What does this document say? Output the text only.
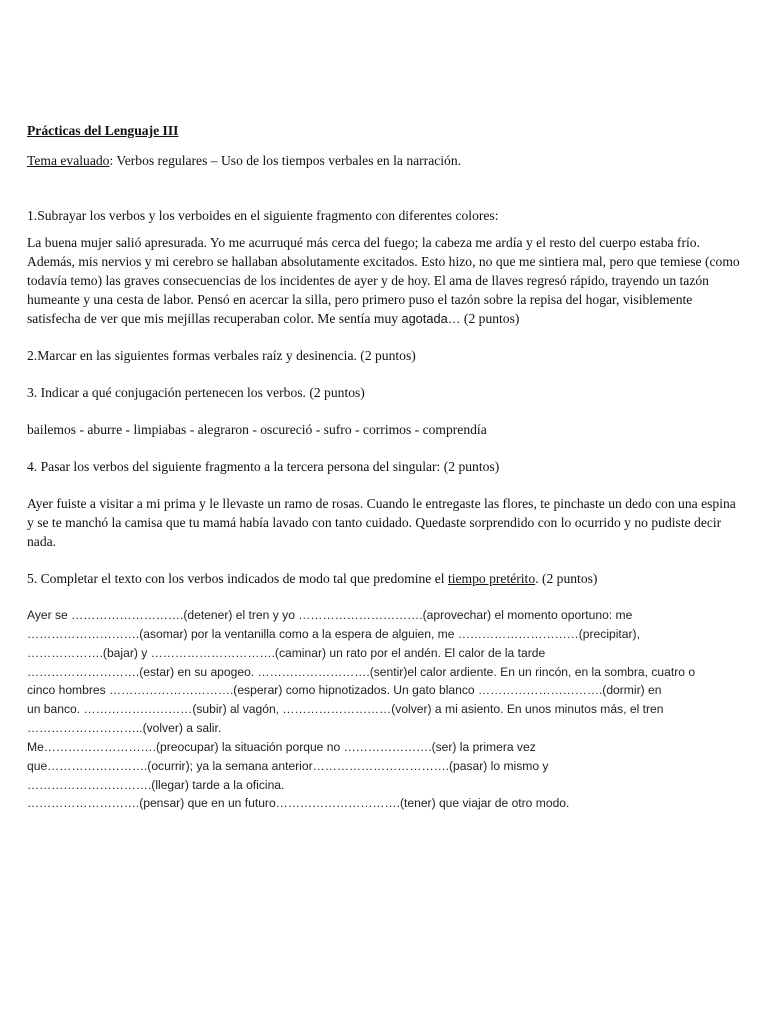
Prácticas del Lenguaje III

Tema evaluado: Verbos regulares – Uso de los tiempos verbales en la narración.

1.Subrayar los verbos y los verboides en el siguiente fragmento con diferentes colores:

La buena mujer salió apresurada. Yo me acurruqué más cerca del fuego; la cabeza me ardía y el resto del cuerpo estaba frío. Además, mis nervios y mi cerebro se hallaban absolutamente excitados. Esto hizo, no que me sintiera mal, pero que temiese (como todavía temo) las graves consecuencias de los incidentes de ayer y de hoy. El ama de llaves regresó rápido, trayendo un tazón humeante y una cesta de labor. Pensó en acercar la silla, pero primero puso el tazón sobre la repisa del hogar, visiblemente satisfecha de ver que mis mejillas recuperaban color. Me sentía muy agotada… (2 puntos)

2.Marcar en las siguientes formas verbales raíz y desinencia. (2 puntos)

3. Indicar a qué conjugación pertenecen los verbos. (2 puntos)

bailemos - aburre - limpiabas - alegraron - oscureció - sufro - corrimos - comprendía

4. Pasar los verbos del siguiente fragmento a la tercera persona del singular: (2 puntos)

Ayer fuiste a visitar a mi prima y le llevaste un ramo de rosas. Cuando le entregaste las flores, te pinchaste un dedo con una espina y se te manchó la camisa que tu mamá había lavado con tanto cuidado. Quedaste sorprendido con lo ocurrido y no pudiste decir nada.

5. Completar el texto con los verbos indicados de modo tal que predomine el tiempo pretérito. (2 puntos)

Ayer se ……………………….(detener) el tren y yo ………………………….(aprovechar) el momento oportuno: me
……………………….(asomar) por la ventanilla como a la espera de alguien, me …………………………(precipitar),
……………….(bajar) y ………………………….(caminar) un rato por el andén. El calor de la tarde
……………………….(estar) en su apogeo. ……………………….(sentir)el calor ardiente. En un rincón, en la sombra, cuatro o
cinco hombres ………………………….(esperar) como hipnotizados. Un gato blanco ………………………….(dormir) en
un banco. ………………………(subir) al vagón, ………………………(volver) a mi asiento. En unos minutos más, el tren
………………………..(volver) a salir.
Me……………………….(preocupar) la situación porque no ………………….(ser) la primera vez
que…………………….(ocurrir); ya la semana anterior…………………………….(pasar) lo mismo y
………………………….(llegar) tarde a la oficina.
……………………….(pensar) que en un futuro………………………….(tener) que viajar de otro modo.
